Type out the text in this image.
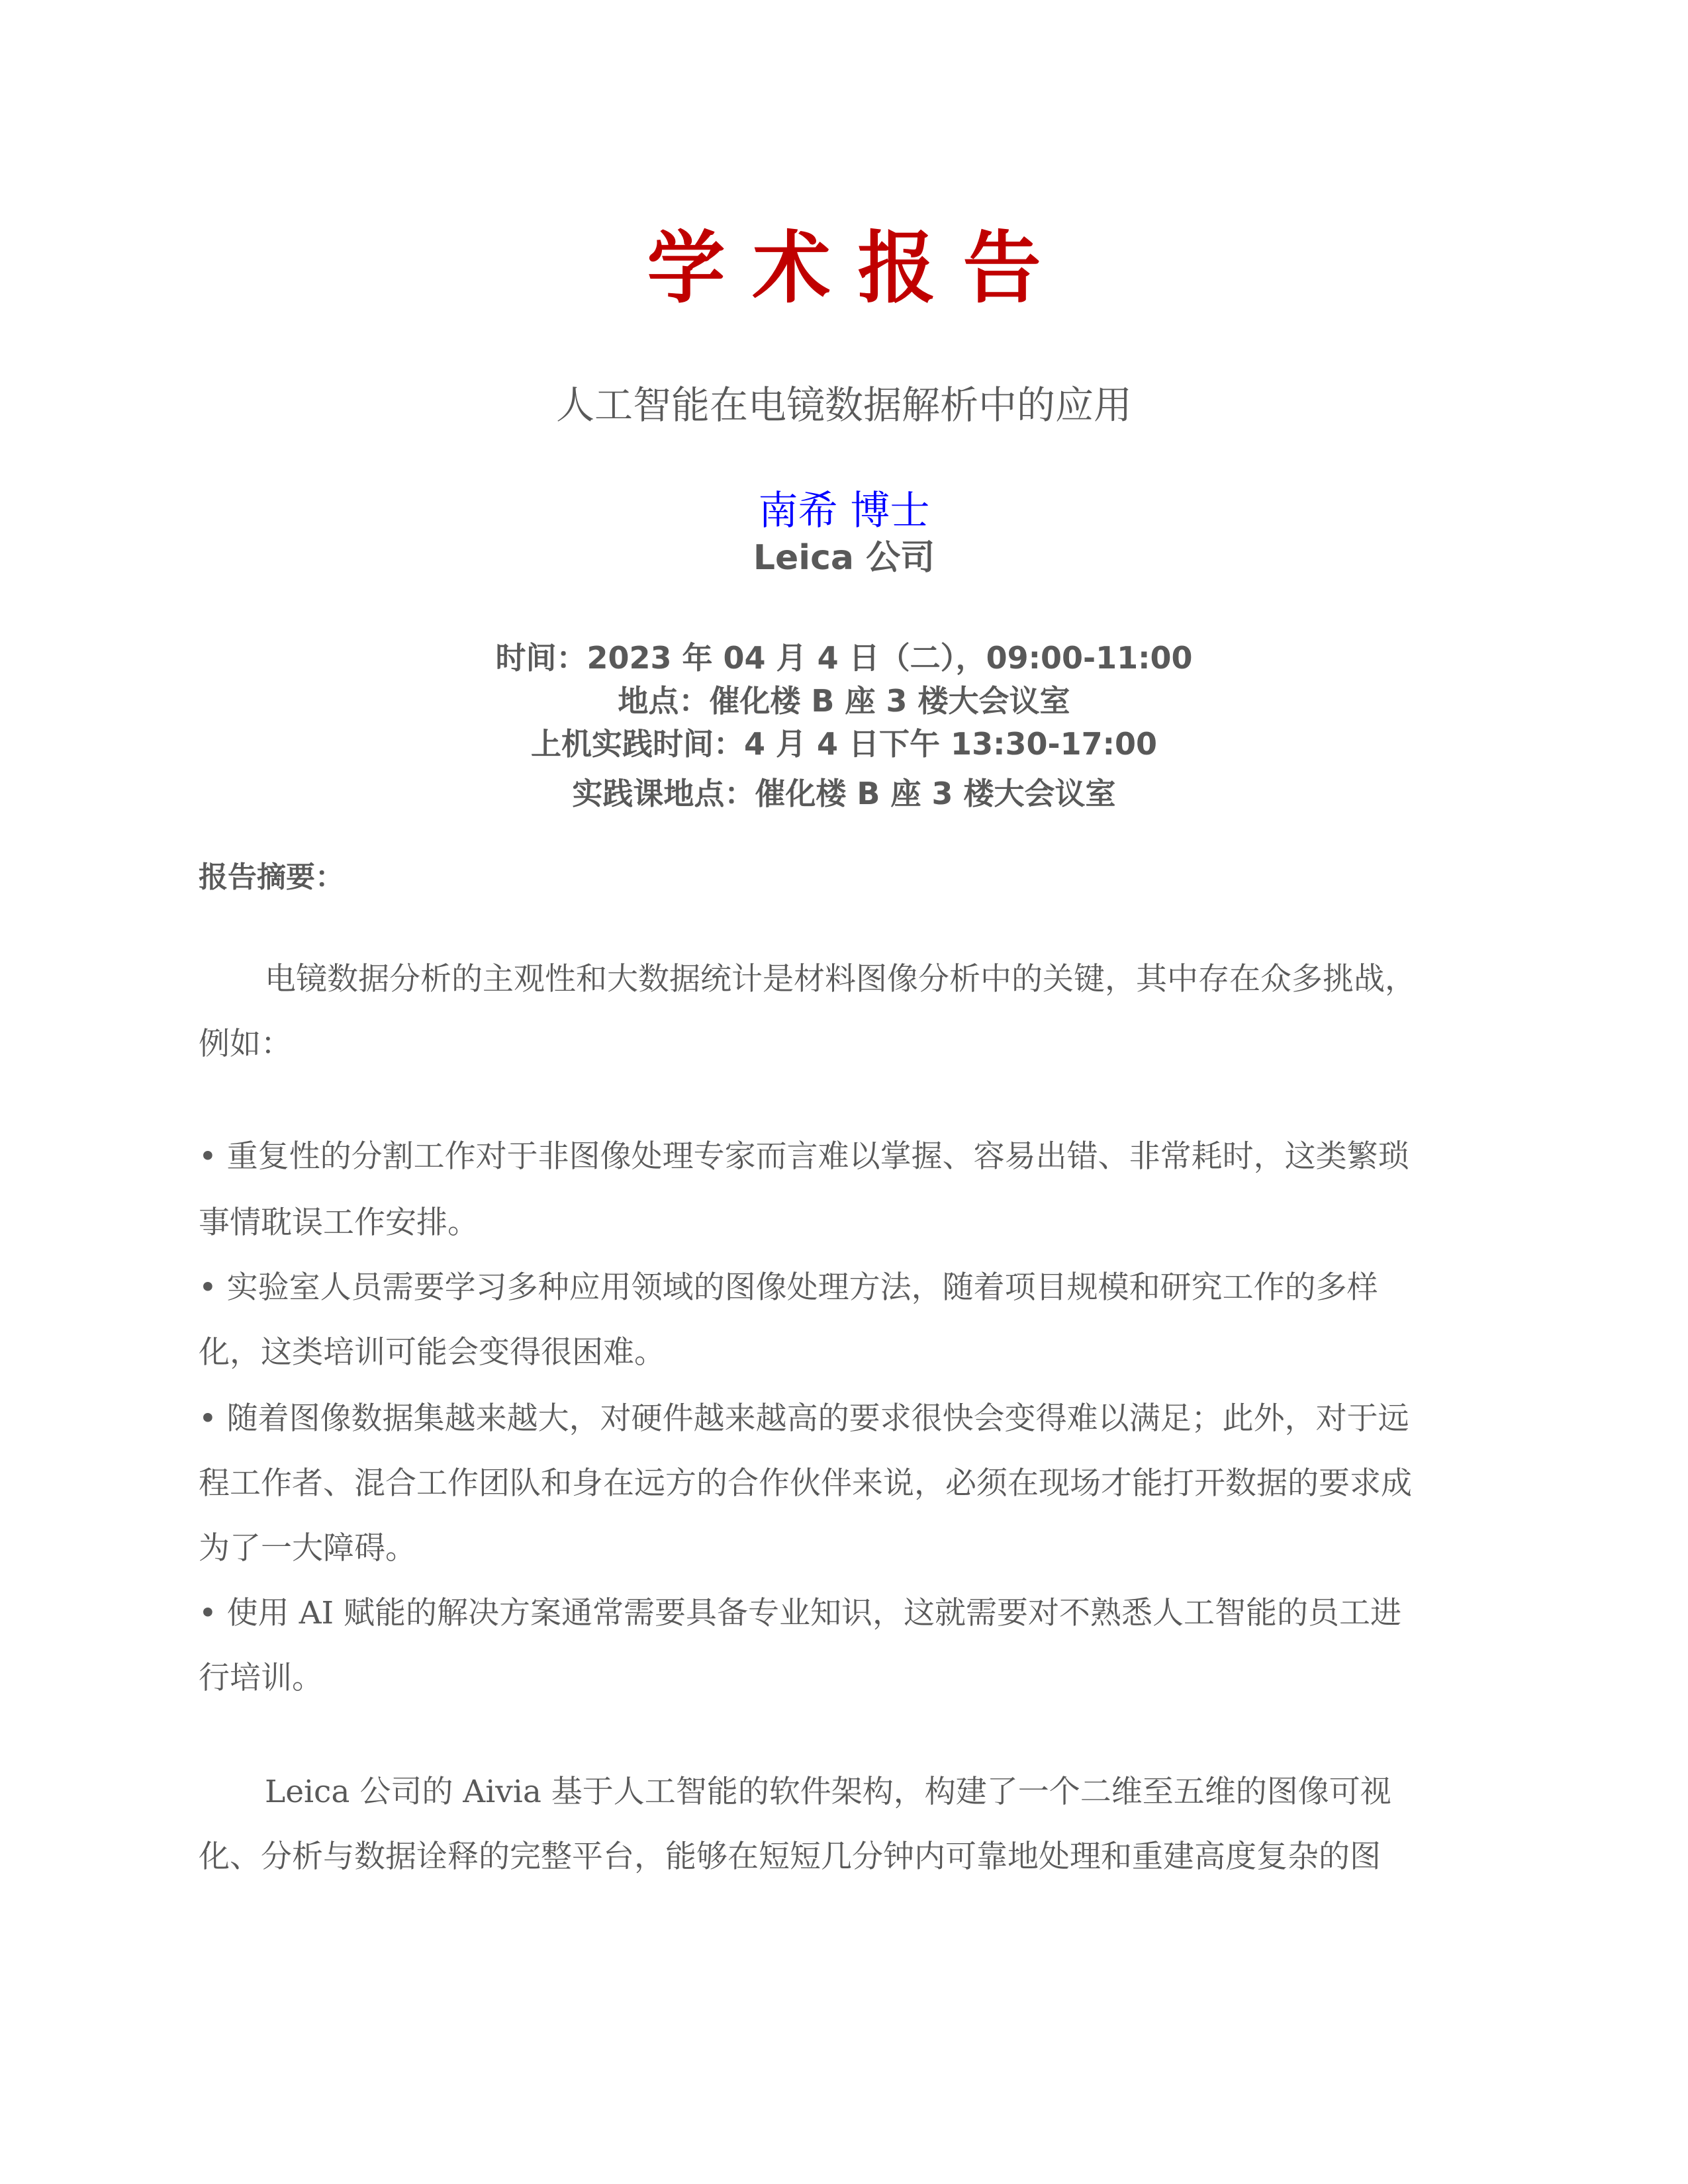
学 术 报 告
人工智能在电镜数据解析中的应用
南希 博士
Leica 公司
时间：2023 年 04 月 4 日（二），09:00-11:00
地点：催化楼 B 座 3 楼大会议室
上机实践时间：4 月 4 日下午 13:30-17:00
实践课地点：催化楼 B 座 3 楼大会议室
报告摘要：
电镜数据分析的主观性和大数据统计是材料图像分析中的关键，其中存在众多挑战，
例如：
• 重复性的分割工作对于非图像处理专家而言难以掌握、容易出错、非常耗时，这类繁琐
事情耽误工作安排。
• 实验室人员需要学习多种应用领域的图像处理方法，随着项目规模和研究工作的多样
化，这类培训可能会变得很困难。
• 随着图像数据集越来越大，对硬件越来越高的要求很快会变得难以满足；此外，对于远
程工作者、混合工作团队和身在远方的合作伙伴来说，必须在现场才能打开数据的要求成
为了一大障碍。
• 使用 AI 赋能的解决方案通常需要具备专业知识，这就需要对不熟悉人工智能的员工进
行培训。
Leica 公司的 Aivia 基于人工智能的软件架构，构建了一个二维至五维的图像可视
化、分析与数据诠释的完整平台，能够在短短几分钟内可靠地处理和重建高度复杂的图
